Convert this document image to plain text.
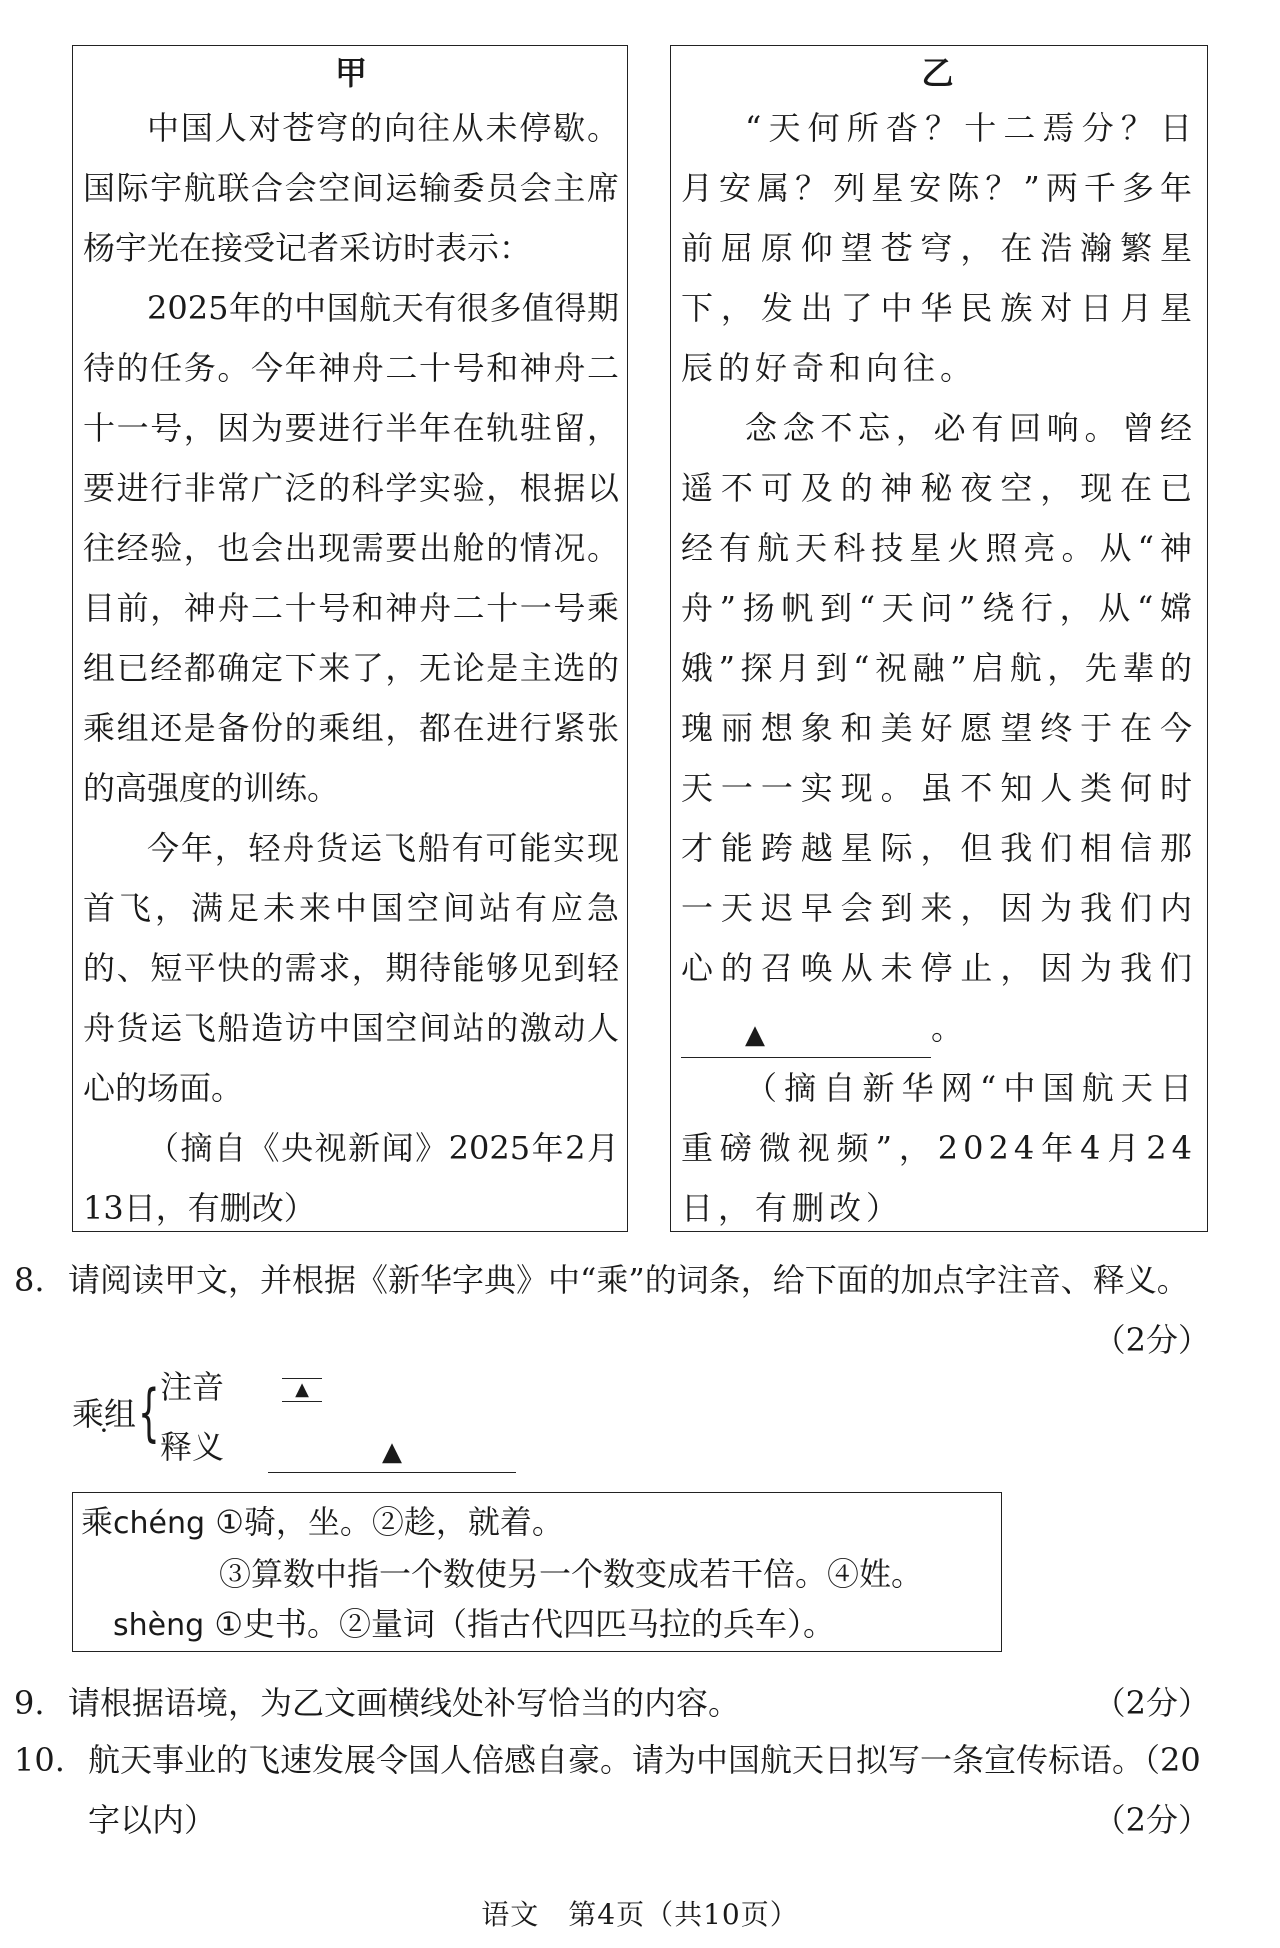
甲

中国人对苍穹的向往从未停歇。国际宇航联合会空间运输委员会主席杨宇光在接受记者采访时表示：

2025年的中国航天有很多值得期待的任务。今年神舟二十号和神舟二十一号，因为要进行半年在轨驻留，要进行非常广泛的科学实验，根据以往经验，也会出现需要出舱的情况。目前，神舟二十号和神舟二十一号乘组已经都确定下来了，无论是主选的乘组还是备份的乘组，都在进行紧张的高强度的训练。

今年，轻舟货运飞船有可能实现首飞，满足未来中国空间站有应急的、短平快的需求，期待能够见到轻舟货运飞船造访中国空间站的激动人心的场面。

（摘自《央视新闻》2025年2月13日，有删改）

乙

“天何所沓？十二焉分？日月安属？列星安陈？”两千多年前屈原仰望苍穹，在浩瀚繁星下，发出了中华民族对日月星辰的好奇和向往。

念念不忘，必有回响。曾经遥不可及的神秘夜空，现在已经有航天科技星火照亮。从“神舟”扬帆到“天问”绕行，从“嫦娥”探月到“祝融”启航，先辈的瑰丽想象和美好愿望终于在今天一一实现。虽不知人类何时才能跨越星际，但我们相信那一天迟早会到来，因为我们内心的召唤从未停止，因为我们▲	。

（摘自新华网“中国航天日重磅微视频”，2024年4月24日，有删改）

8. 请阅读甲文，并根据《新华字典》中“乘”的词条，给下面的加点字注音、释义。
（2分）
乘组 { 注音
释义
▲
▲
乘chéng ①骑，坐。②趁，就着。
③算数中指一个数使另一个数变成若干倍。④姓。
shèng ①史书。②量词（指古代四匹马拉的兵车）。
9. 请根据语境，为乙文画横线处补写恰当的内容。	（2分）
10. 航天事业的飞速发展令国人倍感自豪。请为中国航天日拟写一条宣传标语。（20字以内）	（2分）
语文　第4页（共10页）
